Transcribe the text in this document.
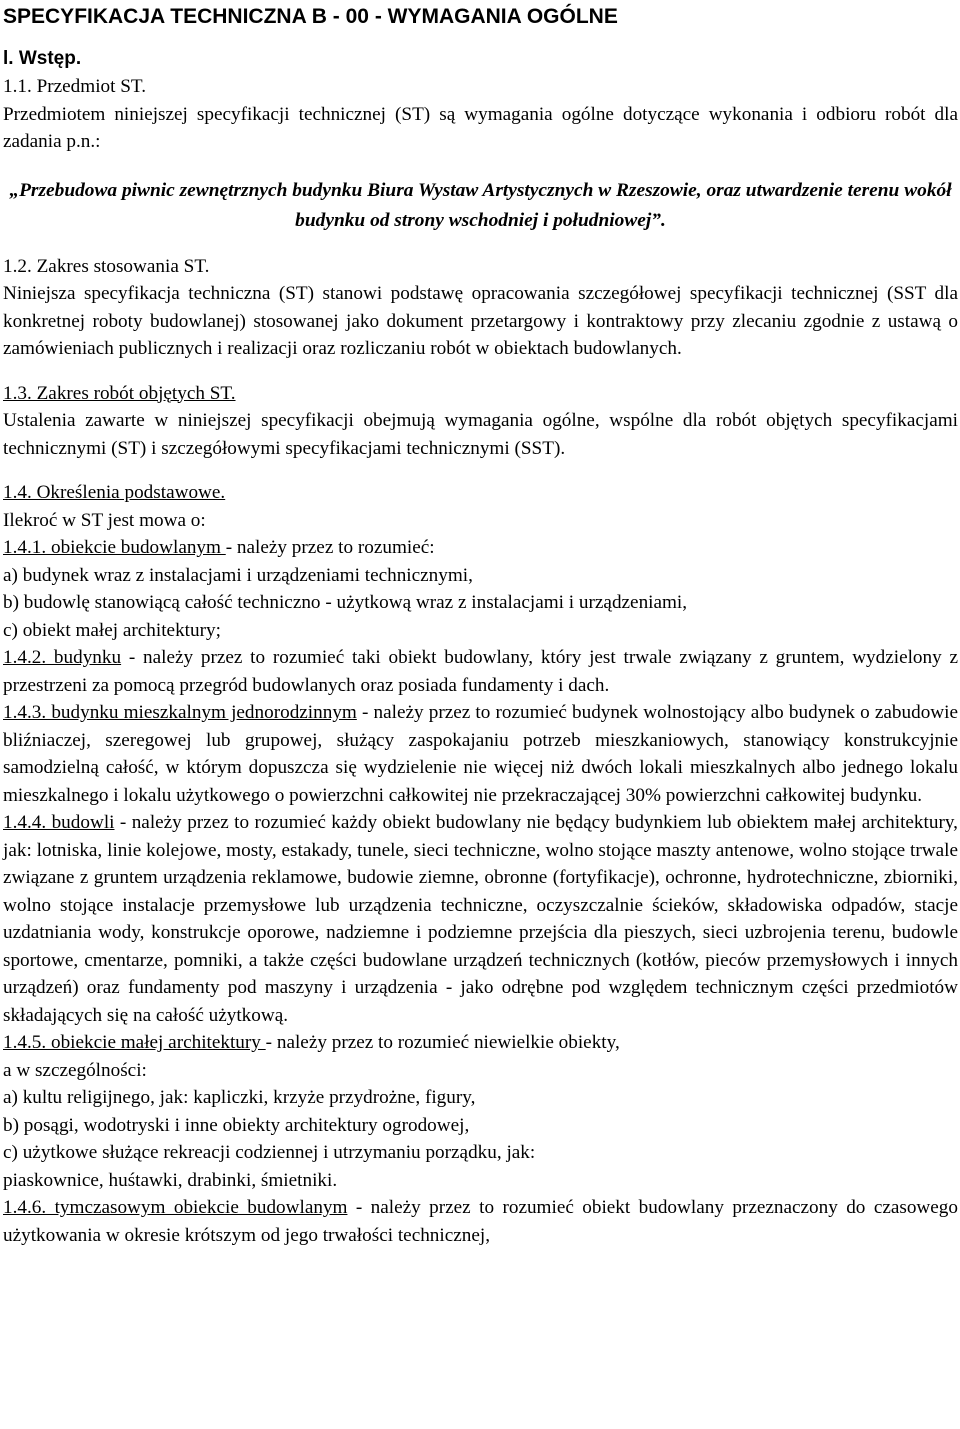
SPECYFIKACJA TECHNICZNA B - 00 - WYMAGANIA OGÓLNE
l. Wstęp.

1.1. Przedmiot ST.

Przedmiotem niniejszej specyfikacji technicznej (ST) są wymagania ogólne dotyczące wykonania i odbioru robót dla zadania p.n.:

„Przebudowa piwnic zewnętrznych budynku Biura Wystaw Artystycznych w Rzeszowie, oraz utwardzenie terenu wokół budynku od strony wschodniej i południowej”.

1.2. Zakres stosowania ST.

Niniejsza specyfikacja techniczna (ST) stanowi podstawę opracowania szczegółowej specyfikacji technicznej (SST dla konkretnej roboty budowlanej) stosowanej jako dokument przetargowy i kontraktowy przy zlecaniu zgodnie z ustawą o zamówieniach publicznych i realizacji oraz rozliczaniu robót w obiektach budowlanych.

1.3. Zakres robót objętych ST.

Ustalenia zawarte w niniejszej specyfikacji obejmują wymagania ogólne, wspólne dla robót objętych specyfikacjami technicznymi (ST) i szczegółowymi specyfikacjami technicznymi (SST).

1.4. Określenia podstawowe.

Ilekroć w ST jest mowa o:

1.4.1. obiekcie budowlanym - należy przez to rozumieć:

a) budynek wraz z instalacjami i urządzeniami technicznymi,

b) budowlę stanowiącą całość techniczno - użytkową wraz z instalacjami i urządzeniami,

c) obiekt małej architektury;

1.4.2. budynku - należy przez to rozumieć taki obiekt budowlany, który jest trwale związany z gruntem, wydzielony z przestrzeni za pomocą przegród budowlanych oraz posiada fundamenty i dach.

1.4.3. budynku mieszkalnym jednorodzinnym - należy przez to rozumieć budynek wolnostojący albo budynek o zabudowie bliźniaczej, szeregowej lub grupowej, służący zaspokajaniu potrzeb mieszkaniowych, stanowiący konstrukcyjnie samodzielną całość, w którym dopuszcza się wydzielenie nie więcej niż dwóch lokali mieszkalnych albo jednego lokalu mieszkalnego i lokalu użytkowego o powierzchni całkowitej nie przekraczającej 30% powierzchni całkowitej budynku.

1.4.4. budowli - należy przez to rozumieć każdy obiekt budowlany nie będący budynkiem lub obiektem małej architektury, jak: lotniska, linie kolejowe, mosty, estakady, tunele, sieci techniczne, wolno stojące maszty antenowe, wolno stojące trwale związane z gruntem urządzenia reklamowe, budowie ziemne, obronne (fortyfikacje), ochronne, hydrotechniczne, zbiorniki, wolno stojące instalacje przemysłowe lub urządzenia techniczne, oczyszczalnie ścieków, składowiska odpadów, stacje uzdatniania wody, konstrukcje oporowe, nadziemne i podziemne przejścia dla pieszych, sieci uzbrojenia terenu, budowle sportowe, cmentarze, pomniki, a także części budowlane urządzeń technicznych (kotłów, pieców przemysłowych i innych urządzeń) oraz fundamenty pod maszyny i urządzenia - jako odrębne pod względem technicznym części przedmiotów składających się na całość użytkową.

1.4.5. obiekcie małej architektury - należy przez to rozumieć niewielkie obiekty,

a w szczególności:

a) kultu religijnego, jak: kapliczki, krzyże przydrożne, figury,

b) posągi, wodotryski i inne obiekty architektury ogrodowej,

c) użytkowe służące rekreacji codziennej i utrzymaniu porządku, jak:

piaskownice, huśtawki, drabinki, śmietniki.

1.4.6. tymczasowym obiekcie budowlanym - należy przez to rozumieć obiekt budowlany przeznaczony do czasowego użytkowania w okresie krótszym od jego trwałości technicznej,
